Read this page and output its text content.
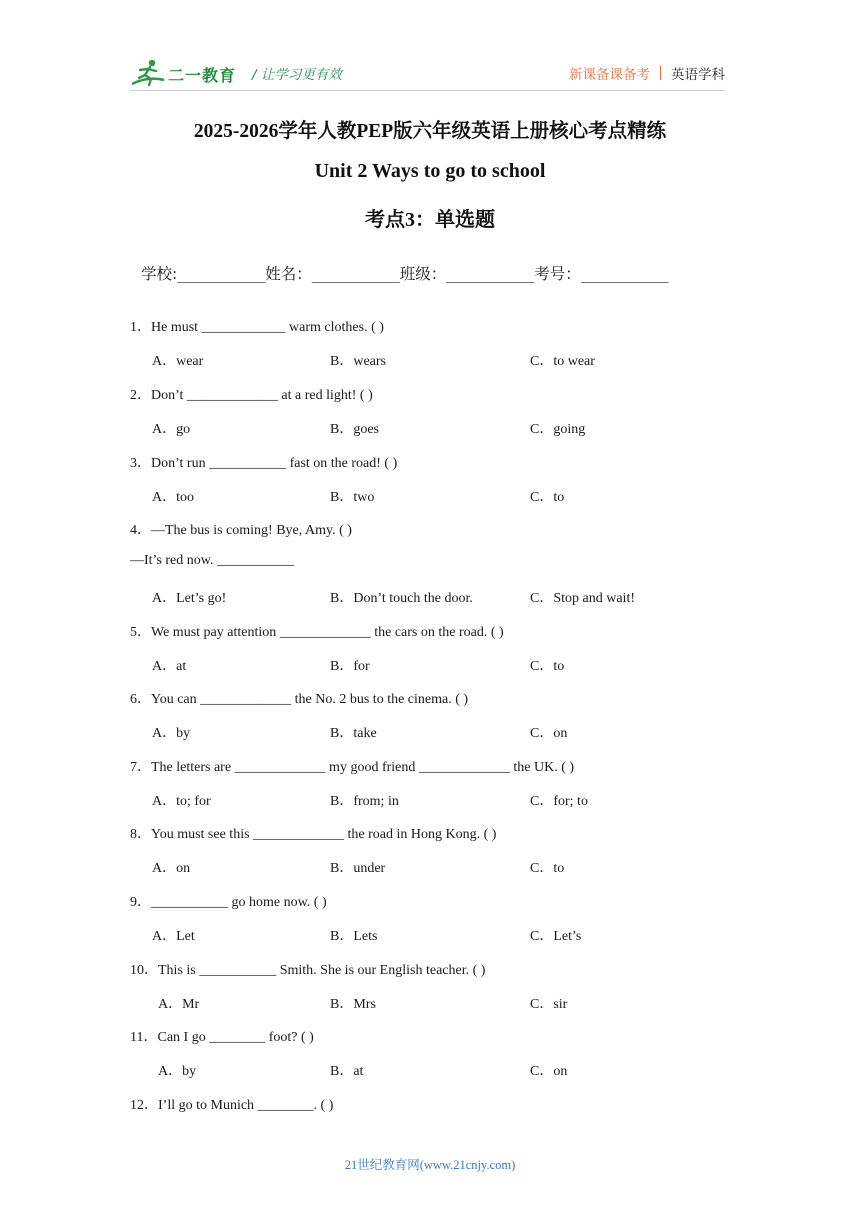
二一教育 / 让学习更有效	新课备课备考 英语学科
2025-2026学年人教PEP版六年级英语上册核心考点精练
Unit 2 Ways to go to school
考点3：单选题
学校:___________姓名：___________班级：___________考号：___________
1．He must ____________ warm clothes. ( )
A．wear	B．wears	C．to wear
2．Don’t _____________ at a red light! ( )
A．go	B．goes	C．going
3．Don’t run ___________ fast on the road! ( )
A．too	B．two	C．to
4．—The bus is coming! Bye, Amy. ( )
—It’s red now. ___________
A．Let’s go!	B．Don’t touch the door.	C．Stop and wait!
5．We must pay attention _____________ the cars on the road. ( )
A．at	B．for	C．to
6．You can _____________ the No. 2 bus to the cinema. ( )
A．by	B．take	C．on
7．The letters are _____________ my good friend _____________ the UK. ( )
A．to; for	B．from; in	C．for; to
8．You must see this _____________ the road in Hong Kong. ( )
A．on	B．under	C．to
9．___________ go home now. ( )
A．Let	B．Lets	C．Let’s
10．This is ___________ Smith. She is our English teacher. ( )
A．Mr	B．Mrs	C．sir
11．Can I go ________ foot? ( )
A．by	B．at	C．on
12．I’ll go to Munich ________. ( )
21世纪教育网(www.21cnjy.com)
